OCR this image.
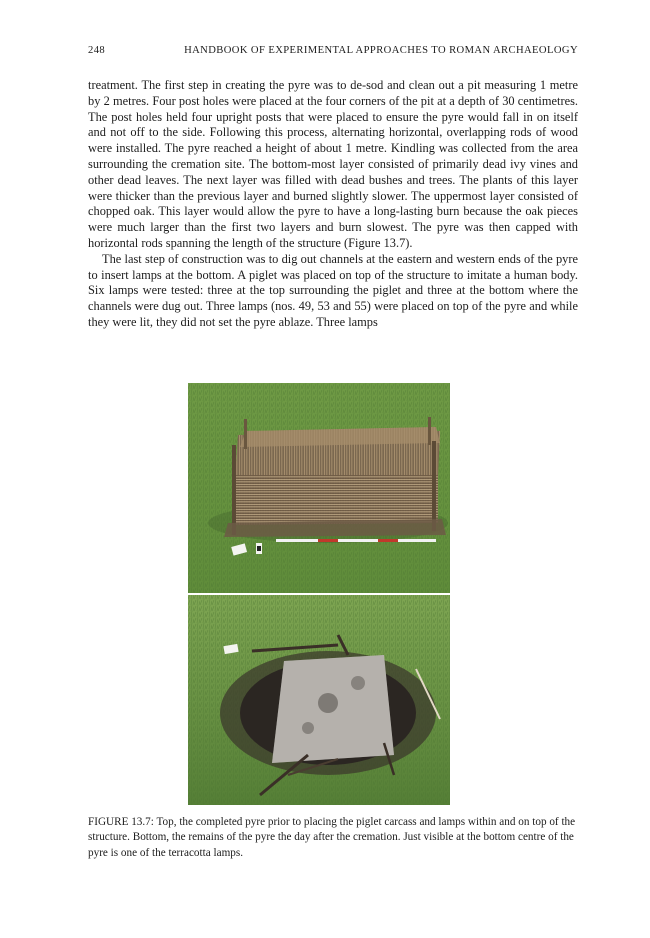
248	HANDBOOK OF EXPERIMENTAL APPROACHES TO ROMAN ARCHAEOLOGY

treatment. The first step in creating the pyre was to de-sod and clean out a pit measuring 1 metre by 2 metres. Four post holes were placed at the four corners of the pit at a depth of 30 centimetres. The post holes held four upright posts that were placed to ensure the pyre would fall in on itself and not off to the side. Following this process, alternating horizontal, overlapping rods of wood were installed. The pyre reached a height of about 1 metre. Kindling was collected from the area surrounding the cremation site. The bottom-most layer consisted of primarily dead ivy vines and other dead leaves. The next layer was filled with dead bushes and trees. The plants of this layer were thicker than the previous layer and burned slightly slower. The uppermost layer consisted of chopped oak. This layer would allow the pyre to have a long-lasting burn because the oak pieces were much larger than the first two layers and burn slowest. The pyre was then capped with horizontal rods spanning the length of the structure (Figure 13.7).

The last step of construction was to dig out channels at the eastern and western ends of the pyre to insert lamps at the bottom. A piglet was placed on top of the structure to imitate a human body. Six lamps were tested: three at the top surrounding the piglet and three at the bottom where the channels were dug out. Three lamps (nos. 49, 53 and 55) were placed on top of the pyre and while they were lit, they did not set the pyre ablaze. Three lamps

FIGURE 13.7: Top, the completed pyre prior to placing the piglet carcass and lamps within and on top of the structure. Bottom, the remains of the pyre the day after the cremation. Just visible at the bottom centre of the pyre is one of the terracotta lamps.
